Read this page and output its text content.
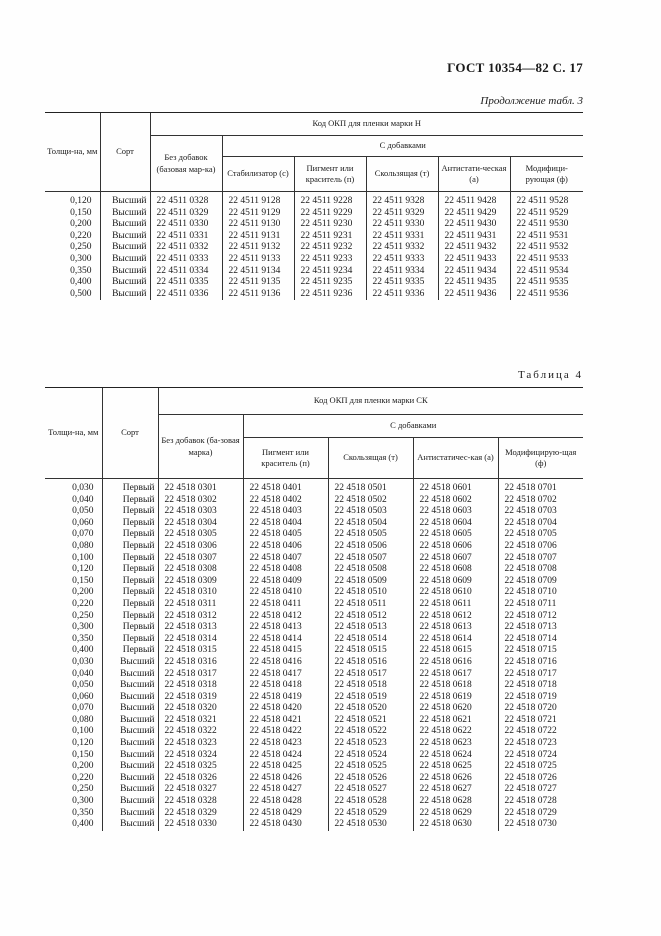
ГОСТ 10354—82 С. 17
Продолжение табл. 3
Толщи-на, мм	Сорт	Код ОКП для пленки марки Н					
		Без добавок (базовая мар-ка)	С добавками				
			Стабилизатор (с)	Пигмент или краситель (п)	Скользящая (т)	Антистати-ческая (а)	Модифици-рующая (ф)
0,120	Высший	22 4511 0328	22 4511 9128	22 4511 9228	22 4511 9328	22 4511 9428	22 4511 9528
0,150	Высший	22 4511 0329	22 4511 9129	22 4511 9229	22 4511 9329	22 4511 9429	22 4511 9529
0,200	Высший	22 4511 0330	22 4511 9130	22 4511 9230	22 4511 9330	22 4511 9430	22 4511 9530
0,220	Высший	22 4511 0331	22 4511 9131	22 4511 9231	22 4511 9331	22 4511 9431	22 4511 9531
0,250	Высший	22 4511 0332	22 4511 9132	22 4511 9232	22 4511 9332	22 4511 9432	22 4511 9532
0,300	Высший	22 4511 0333	22 4511 9133	22 4511 9233	22 4511 9333	22 4511 9433	22 4511 9533
0,350	Высший	22 4511 0334	22 4511 9134	22 4511 9234	22 4511 9334	22 4511 9434	22 4511 9534
0,400	Высший	22 4511 0335	22 4511 9135	22 4511 9235	22 4511 9335	22 4511 9435	22 4511 9535
0,500	Высший	22 4511 0336	22 4511 9136	22 4511 9236	22 4511 9336	22 4511 9436	22 4511 9536
Таблица 4
Толщи-на, мм	Сорт	Код ОКП для пленки марки СК				
		Без добавок (ба-зовая марка)	С добавками			
			Пигмент или краситель (п)	Скользящая (т)	Антистатичес-кая (а)	Модифицирую-щая (ф)
0,030	Первый	22 4518 0301	22 4518 0401	22 4518 0501	22 4518 0601	22 4518 0701
0,040	Первый	22 4518 0302	22 4518 0402	22 4518 0502	22 4518 0602	22 4518 0702
0,050	Первый	22 4518 0303	22 4518 0403	22 4518 0503	22 4518 0603	22 4518 0703
0,060	Первый	22 4518 0304	22 4518 0404	22 4518 0504	22 4518 0604	22 4518 0704
0,070	Первый	22 4518 0305	22 4518 0405	22 4518 0505	22 4518 0605	22 4518 0705
0,080	Первый	22 4518 0306	22 4518 0406	22 4518 0506	22 4518 0606	22 4518 0706
0,100	Первый	22 4518 0307	22 4518 0407	22 4518 0507	22 4518 0607	22 4518 0707
0,120	Первый	22 4518 0308	22 4518 0408	22 4518 0508	22 4518 0608	22 4518 0708
0,150	Первый	22 4518 0309	22 4518 0409	22 4518 0509	22 4518 0609	22 4518 0709
0,200	Первый	22 4518 0310	22 4518 0410	22 4518 0510	22 4518 0610	22 4518 0710
0,220	Первый	22 4518 0311	22 4518 0411	22 4518 0511	22 4518 0611	22 4518 0711
0,250	Первый	22 4518 0312	22 4518 0412	22 4518 0512	22 4518 0612	22 4518 0712
0,300	Первый	22 4518 0313	22 4518 0413	22 4518 0513	22 4518 0613	22 4518 0713
0,350	Первый	22 4518 0314	22 4518 0414	22 4518 0514	22 4518 0614	22 4518 0714
0,400	Первый	22 4518 0315	22 4518 0415	22 4518 0515	22 4518 0615	22 4518 0715
0,030	Высший	22 4518 0316	22 4518 0416	22 4518 0516	22 4518 0616	22 4518 0716
0,040	Высший	22 4518 0317	22 4518 0417	22 4518 0517	22 4518 0617	22 4518 0717
0,050	Высший	22 4518 0318	22 4518 0418	22 4518 0518	22 4518 0618	22 4518 0718
0,060	Высший	22 4518 0319	22 4518 0419	22 4518 0519	22 4518 0619	22 4518 0719
0,070	Высший	22 4518 0320	22 4518 0420	22 4518 0520	22 4518 0620	22 4518 0720
0,080	Высший	22 4518 0321	22 4518 0421	22 4518 0521	22 4518 0621	22 4518 0721
0,100	Высший	22 4518 0322	22 4518 0422	22 4518 0522	22 4518 0622	22 4518 0722
0,120	Высший	22 4518 0323	22 4518 0423	22 4518 0523	22 4518 0623	22 4518 0723
0,150	Высший	22 4518 0324	22 4518 0424	22 4518 0524	22 4518 0624	22 4518 0724
0,200	Высший	22 4518 0325	22 4518 0425	22 4518 0525	22 4518 0625	22 4518 0725
0,220	Высший	22 4518 0326	22 4518 0426	22 4518 0526	22 4518 0626	22 4518 0726
0,250	Высший	22 4518 0327	22 4518 0427	22 4518 0527	22 4518 0627	22 4518 0727
0,300	Высший	22 4518 0328	22 4518 0428	22 4518 0528	22 4518 0628	22 4518 0728
0,350	Высший	22 4518 0329	22 4518 0429	22 4518 0529	22 4518 0629	22 4518 0729
0,400	Высший	22 4518 0330	22 4518 0430	22 4518 0530	22 4518 0630	22 4518 0730
